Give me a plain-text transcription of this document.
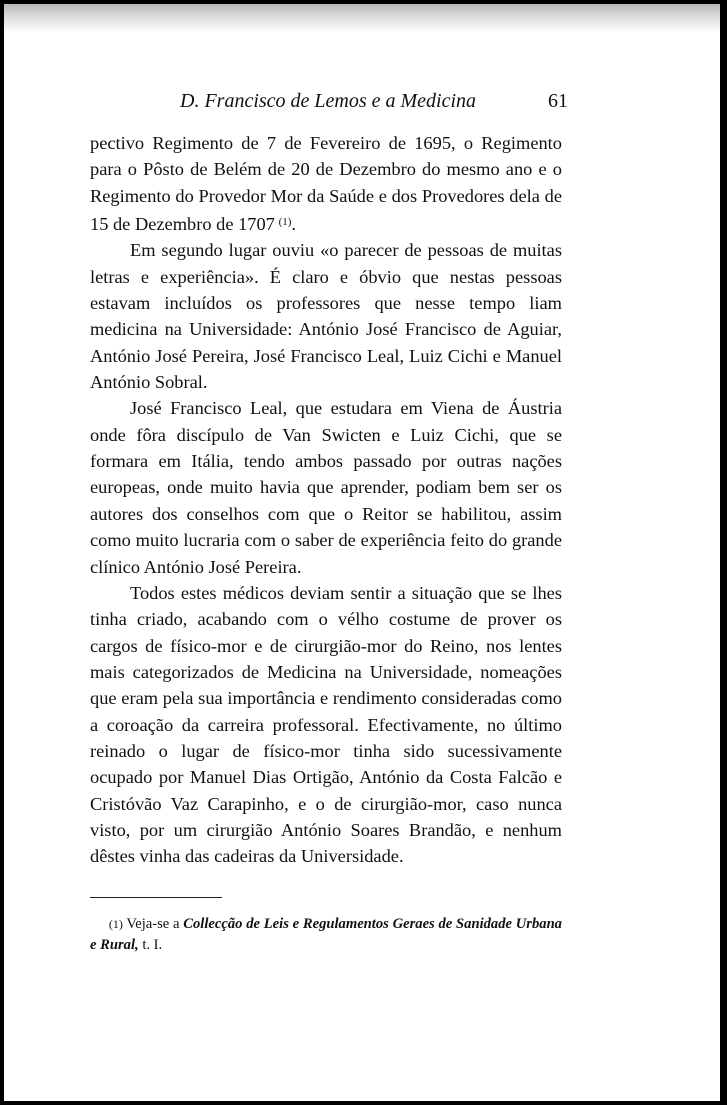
D. Francisco de Lemos e a Medicina	61

pectivo Regimento de 7 de Fevereiro de 1695, o Regimento para o Pôsto de Belém de 20 de Dezembro do mesmo ano e o Regimento do Provedor Mor da Saúde e dos Provedores dela de 15 de Dezembro de 1707  $^{(1)}$.

Em segundo lugar ouviu «o parecer de pessoas de muitas letras e experiência». É claro e óbvio que nestas pessoas estavam incluídos os professores que nesse tempo liam medicina na Universidade: António José Francisco de Aguiar, António José Pereira, José Francisco Leal, Luiz Cichi e Manuel António Sobral.

José Francisco Leal, que estudara em Viena de Áustria onde fôra discípulo de Van Swicten e Luiz Cichi, que se formara em Itália, tendo ambos passado por outras nações europeas, onde muito havia que aprender, podiam bem ser os autores dos conselhos com que o Reitor se habilitou, assim como muito lucraria com o saber de experiência feito do grande clínico António José Pereira.

Todos estes médicos deviam sentir a situação que se lhes tinha criado, acabando com o vélho costume de prover os cargos de físico-mor e de cirurgião-mor do Reino, nos lentes mais categorizados de Medicina na Universidade, nomeações que eram pela sua importância e rendimento consideradas como a coroação da carreira professoral. Efectivamente, no último reinado o lugar de físico-mor tinha sido sucessivamente ocupado por Manuel Dias Ortigão, António da Costa Falcão e Cristóvão Vaz Carapinho, e o de cirurgião-mor, caso nunca visto, por um cirurgião António Soares Brandão, e nenhum dêstes vinha das cadeiras da Universidade.

(1) Veja-se a Collecção de Leis e Regulamentos Geraes de Sanidade Urbana e Rural, t. I.
